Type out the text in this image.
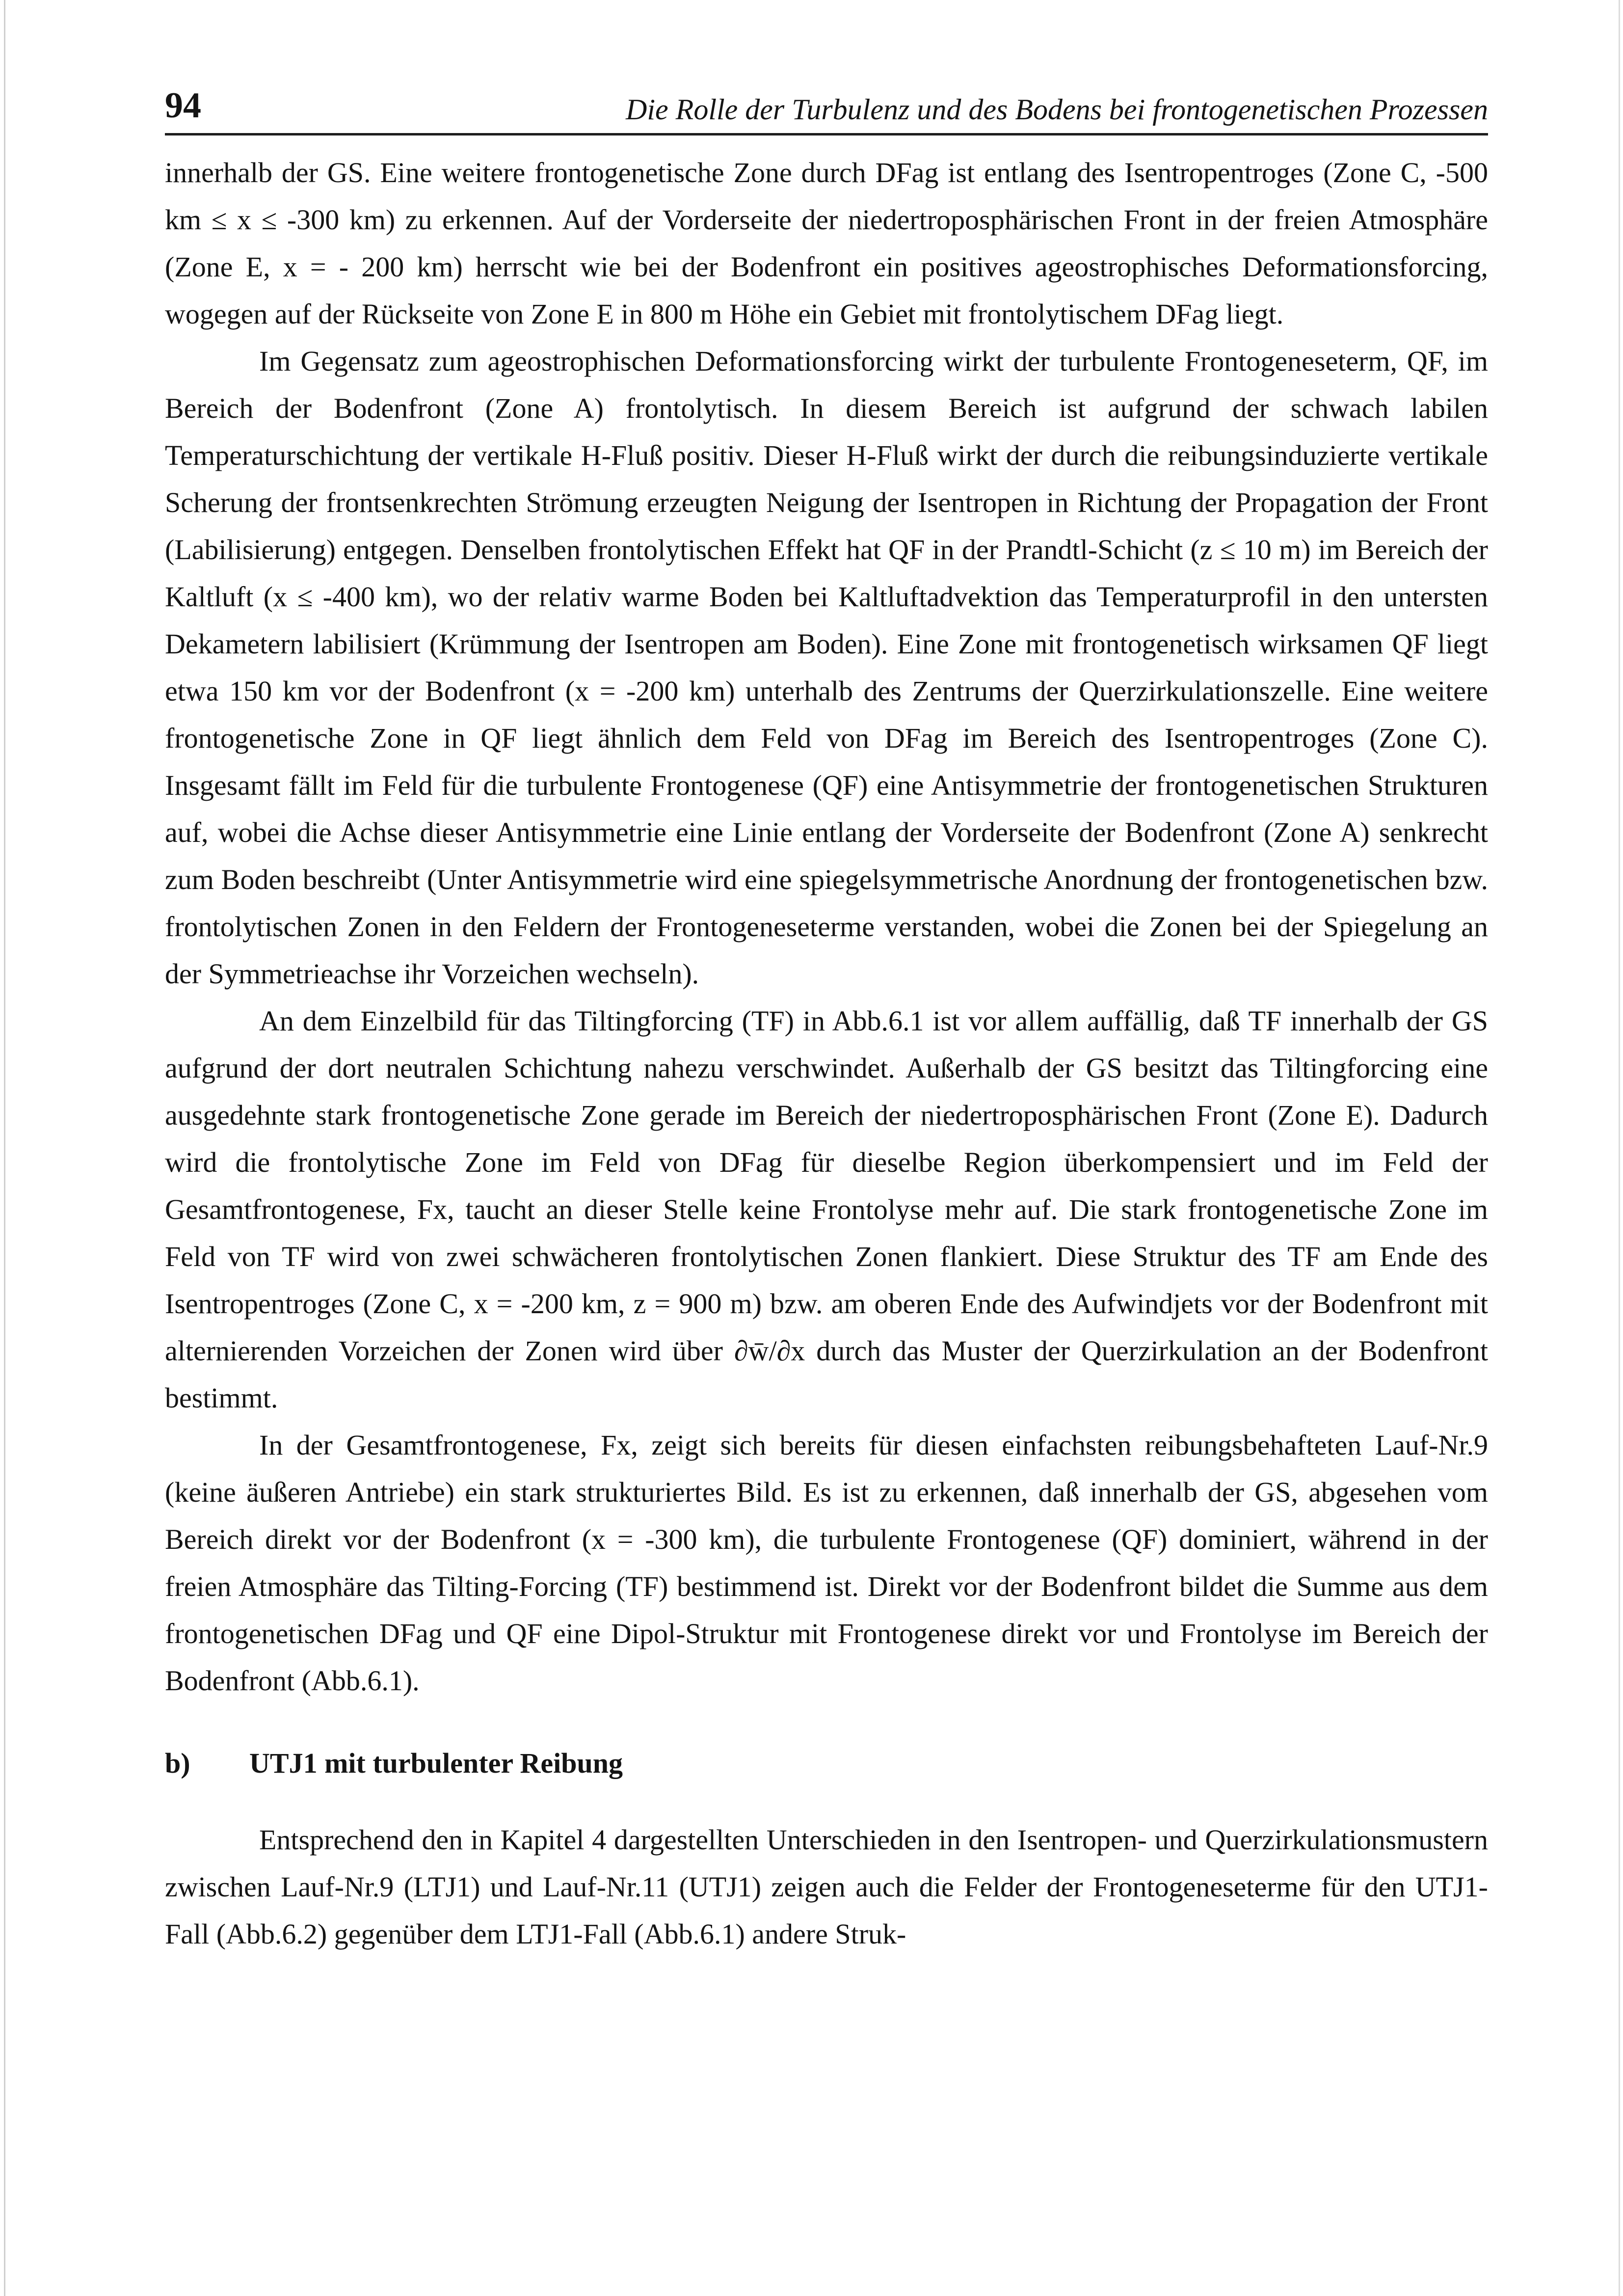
94	Die Rolle der Turbulenz und des Bodens bei frontogenetischen Prozessen

innerhalb der GS. Eine weitere frontogenetische Zone durch DFag ist entlang des Isentropentroges (Zone C, -500 km ≤ x ≤ -300 km) zu erkennen. Auf der Vorderseite der niedertroposphärischen Front in der freien Atmosphäre (Zone E, x = - 200 km) herrscht wie bei der Bodenfront ein positives ageostrophisches Deformationsforcing, wogegen auf der Rückseite von Zone E in 800 m Höhe ein Gebiet mit frontolytischem DFag liegt.

Im Gegensatz zum ageostrophischen Deformationsforcing wirkt der turbulente Frontogeneseterm, QF, im Bereich der Bodenfront (Zone A) frontolytisch. In diesem Bereich ist aufgrund der schwach labilen Temperaturschichtung der vertikale H-Fluß positiv. Dieser H-Fluß wirkt der durch die reibungsinduzierte vertikale Scherung der frontsenkrechten Strömung erzeugten Neigung der Isentropen in Richtung der Propagation der Front (Labilisierung) entgegen. Denselben frontolytischen Effekt hat QF in der Prandtl-Schicht (z ≤ 10 m) im Bereich der Kaltluft (x ≤ -400 km), wo der relativ warme Boden bei Kaltluftadvektion das Temperaturprofil in den untersten Dekametern labilisiert (Krümmung der Isentropen am Boden). Eine Zone mit frontogenetisch wirksamen QF liegt etwa 150 km vor der Bodenfront (x = -200 km) unterhalb des Zentrums der Querzirkulationszelle. Eine weitere frontogenetische Zone in QF liegt ähnlich dem Feld von DFag im Bereich des Isentropentroges (Zone C). Insgesamt fällt im Feld für die turbulente Frontogenese (QF) eine Antisymmetrie der frontogenetischen Strukturen auf, wobei die Achse dieser Antisymmetrie eine Linie entlang der Vorderseite der Bodenfront (Zone A) senkrecht zum Boden beschreibt (Unter Antisymmetrie wird eine spiegelsymmetrische Anordnung der frontogenetischen bzw. frontolytischen Zonen in den Feldern der Frontogeneseterme verstanden, wobei die Zonen bei der Spiegelung an der Symmetrieachse ihr Vorzeichen wechseln).

An dem Einzelbild für das Tiltingforcing (TF) in Abb.6.1 ist vor allem auffällig, daß TF innerhalb der GS aufgrund der dort neutralen Schichtung nahezu verschwindet. Außerhalb der GS besitzt das Tiltingforcing eine ausgedehnte stark frontogenetische Zone gerade im Bereich der niedertroposphärischen Front (Zone E). Dadurch wird die frontolytische Zone im Feld von DFag für dieselbe Region überkompensiert und im Feld der Gesamtfrontogenese, Fx, taucht an dieser Stelle keine Frontolyse mehr auf. Die stark frontogenetische Zone im Feld von TF wird von zwei schwächeren frontolytischen Zonen flankiert. Diese Struktur des TF am Ende des Isentropentroges (Zone C, x = -200 km, z = 900 m) bzw. am oberen Ende des Aufwindjets vor der Bodenfront mit alternierenden Vorzeichen der Zonen wird über ∂w̄/∂x durch das Muster der Querzirkulation an der Bodenfront bestimmt.

In der Gesamtfrontogenese, Fx, zeigt sich bereits für diesen einfachsten reibungsbehafteten Lauf-Nr.9 (keine äußeren Antriebe) ein stark strukturiertes Bild. Es ist zu erkennen, daß innerhalb der GS, abgesehen vom Bereich direkt vor der Bodenfront (x = -300 km), die turbulente Frontogenese (QF) dominiert, während in der freien Atmosphäre das Tilting-Forcing (TF) bestimmend ist. Direkt vor der Bodenfront bildet die Summe aus dem frontogenetischen DFag und QF eine Dipol-Struktur mit Frontogenese direkt vor und Frontolyse im Bereich der Bodenfront (Abb.6.1).

b)	UTJ1 mit turbulenter Reibung

Entsprechend den in Kapitel 4 dargestellten Unterschieden in den Isentropen- und Querzirkulationsmustern zwischen Lauf-Nr.9 (LTJ1) und Lauf-Nr.11 (UTJ1) zeigen auch die Felder der Frontogeneseterme für den UTJ1-Fall (Abb.6.2) gegenüber dem LTJ1-Fall (Abb.6.1) andere Struk-
